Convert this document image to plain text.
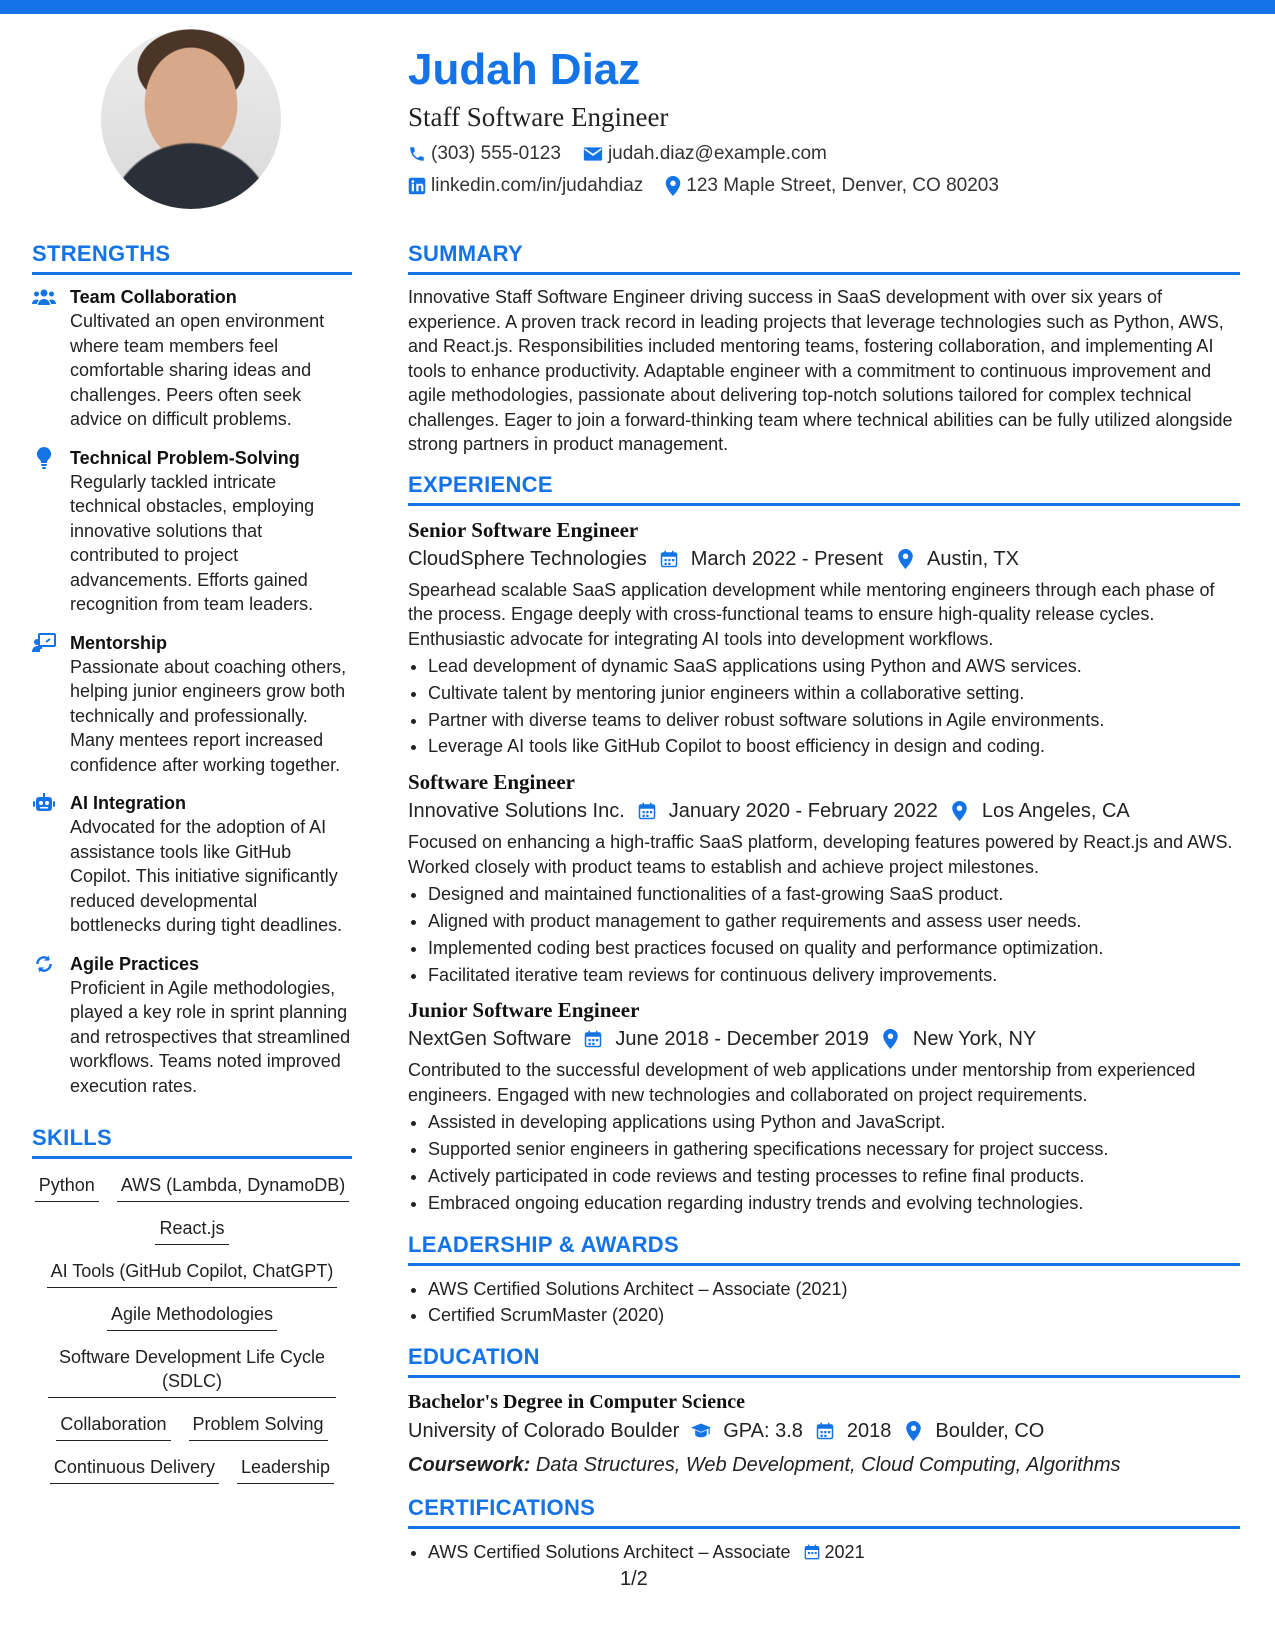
Judah Diaz
Staff Software Engineer
(303) 555-0123 judah.diaz@example.com
linkedin.com/in/judahdiaz 123 Maple Street, Denver, CO 80203
STRENGTHS
Team Collaboration
Cultivated an open environment where team members feel comfortable sharing ideas and challenges. Peers often seek advice on difficult problems.
Technical Problem-Solving
Regularly tackled intricate technical obstacles, employing innovative solutions that contributed to project advancements. Efforts gained recognition from team leaders.
Mentorship
Passionate about coaching others, helping junior engineers grow both technically and professionally. Many mentees report increased confidence after working together.
AI Integration
Advocated for the adoption of AI assistance tools like GitHub Copilot. This initiative significantly reduced developmental bottlenecks during tight deadlines.
Agile Practices
Proficient in Agile methodologies, played a key role in sprint planning and retrospectives that streamlined workflows. Teams noted improved execution rates.
SKILLS
Python AWS (Lambda, DynamoDB)
React.js
AI Tools (GitHub Copilot, ChatGPT)
Agile Methodologies
Software Development Life Cycle (SDLC)
Collaboration Problem Solving
Continuous Delivery Leadership
SUMMARY

Innovative Staff Software Engineer driving success in SaaS development with over six years of experience. A proven track record in leading projects that leverage technologies such as Python, AWS, and React.js. Responsibilities included mentoring teams, fostering collaboration, and implementing AI tools to enhance productivity. Adaptable engineer with a commitment to continuous improvement and agile methodologies, passionate about delivering top-notch solutions tailored for complex technical challenges. Eager to join a forward-thinking team where technical abilities can be fully utilized alongside strong partners in product management.

EXPERIENCE
Senior Software Engineer
CloudSphere Technologies March 2022 - Present Austin, TX

Spearhead scalable SaaS application development while mentoring engineers through each phase of the process. Engage deeply with cross-functional teams to ensure high-quality release cycles. Enthusiastic advocate for integrating AI tools into development workflows.

• Lead development of dynamic SaaS applications using Python and AWS services.
• Cultivate talent by mentoring junior engineers within a collaborative setting.
• Partner with diverse teams to deliver robust software solutions in Agile environments.
• Leverage AI tools like GitHub Copilot to boost efficiency in design and coding.
Software Engineer
Innovative Solutions Inc. January 2020 - February 2022 Los Angeles, CA

Focused on enhancing a high-traffic SaaS platform, developing features powered by React.js and AWS. Worked closely with product teams to establish and achieve project milestones.

• Designed and maintained functionalities of a fast-growing SaaS product.
• Aligned with product management to gather requirements and assess user needs.
• Implemented coding best practices focused on quality and performance optimization.
• Facilitated iterative team reviews for continuous delivery improvements.
Junior Software Engineer
NextGen Software June 2018 - December 2019 New York, NY

Contributed to the successful development of web applications under mentorship from experienced engineers. Engaged with new technologies and collaborated on project requirements.

• Assisted in developing applications using Python and JavaScript.
• Supported senior engineers in gathering specifications necessary for project success.
• Actively participated in code reviews and testing processes to refine final products.
• Embraced ongoing education regarding industry trends and evolving technologies.
LEADERSHIP & AWARDS
• AWS Certified Solutions Architect – Associate (2021)
• Certified ScrumMaster (2020)
EDUCATION
Bachelor's Degree in Computer Science
University of Colorado Boulder GPA: 3.8 2018 Boulder, CO
Coursework: Data Structures, Web Development, Cloud Computing, Algorithms
CERTIFICATIONS
• AWS Certified Solutions Architect – Associate 2021
1/2
